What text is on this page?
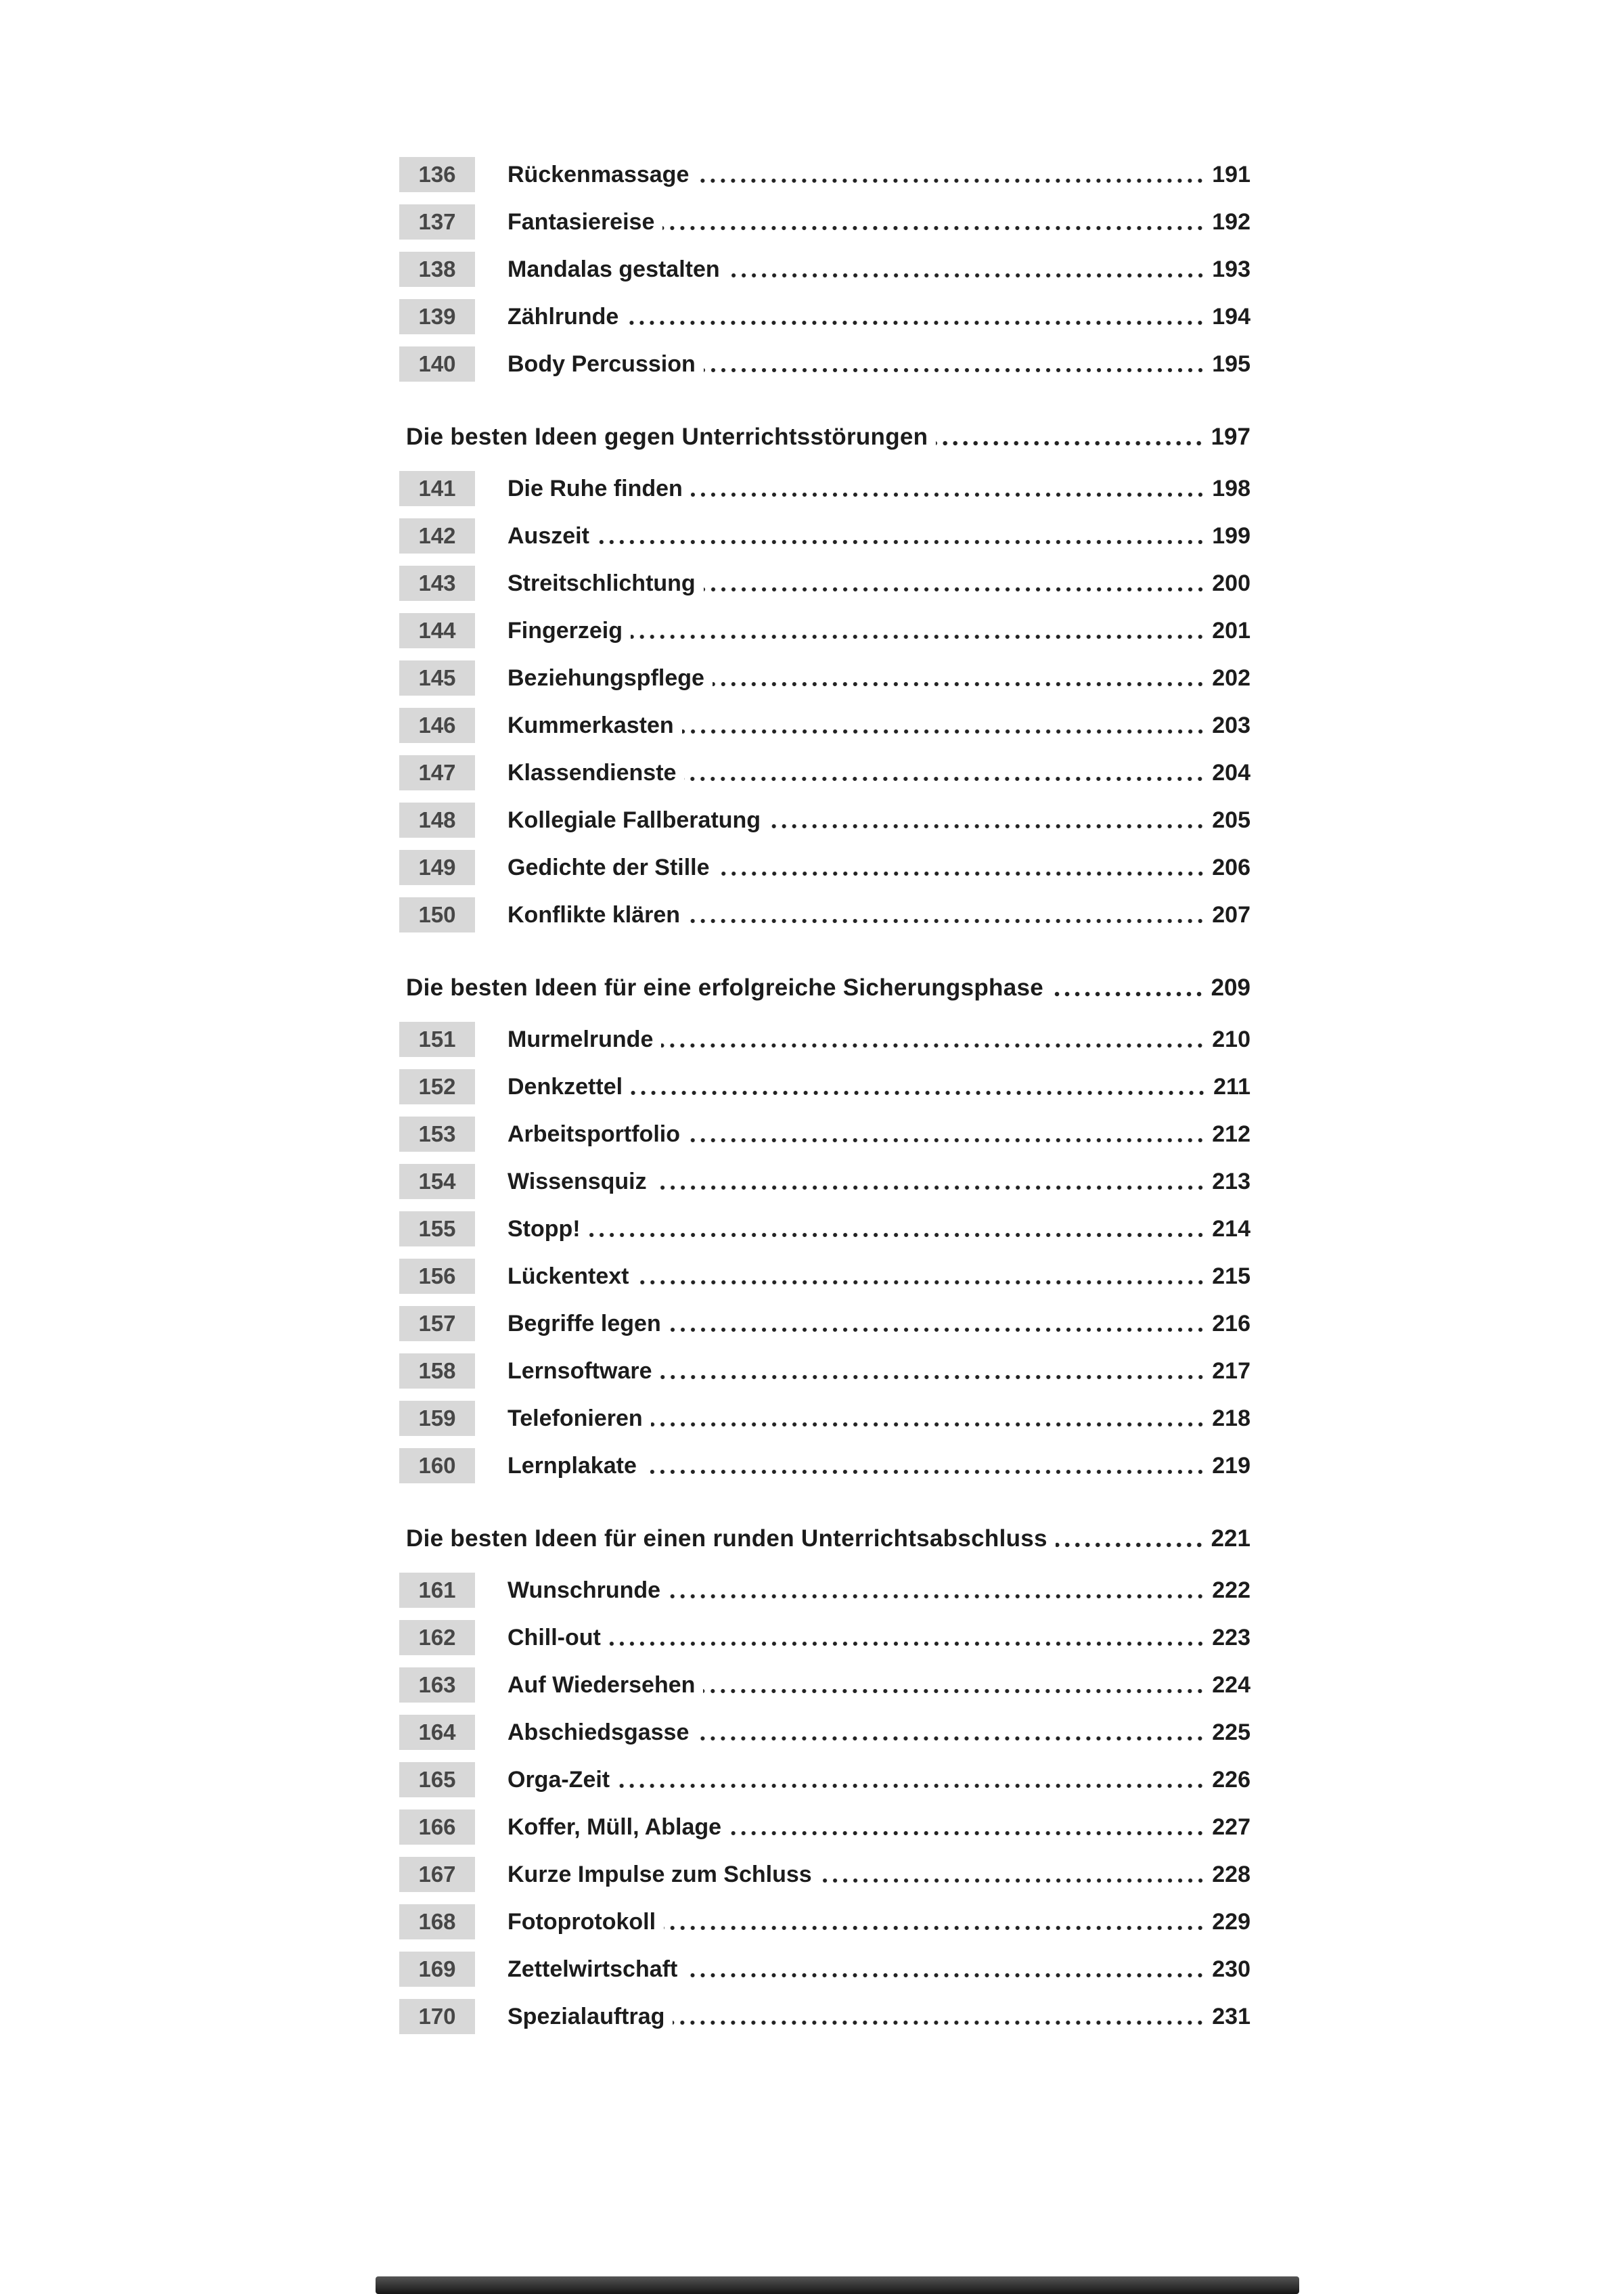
136	Rückenmassage	191
137	Fantasiereise	192
138	Mandalas gestalten	193
139	Zählrunde	194
140	Body Percussion	195
Die besten Ideen gegen Unterrichtsstörungen	197
141	Die Ruhe finden	198
142	Auszeit	199
143	Streitschlichtung	200
144	Fingerzeig	201
145	Beziehungspflege	202
146	Kummerkasten	203
147	Klassendienste	204
148	Kollegiale Fallberatung	205
149	Gedichte der Stille	206
150	Konflikte klären	207
Die besten Ideen für eine erfolgreiche Sicherungsphase	209
151	Murmelrunde	210
152	Denkzettel	211
153	Arbeitsportfolio	212
154	Wissensquiz	213
155	Stopp!	214
156	Lückentext	215
157	Begriffe legen	216
158	Lernsoftware	217
159	Telefonieren	218
160	Lernplakate	219
Die besten Ideen für einen runden Unterrichtsabschluss	221
161	Wunschrunde	222
162	Chill-out	223
163	Auf Wiedersehen	224
164	Abschiedsgasse	225
165	Orga-Zeit	226
166	Koffer, Müll, Ablage	227
167	Kurze Impulse zum Schluss	228
168	Fotoprotokoll	229
169	Zettelwirtschaft	230
170	Spezialauftrag	231
